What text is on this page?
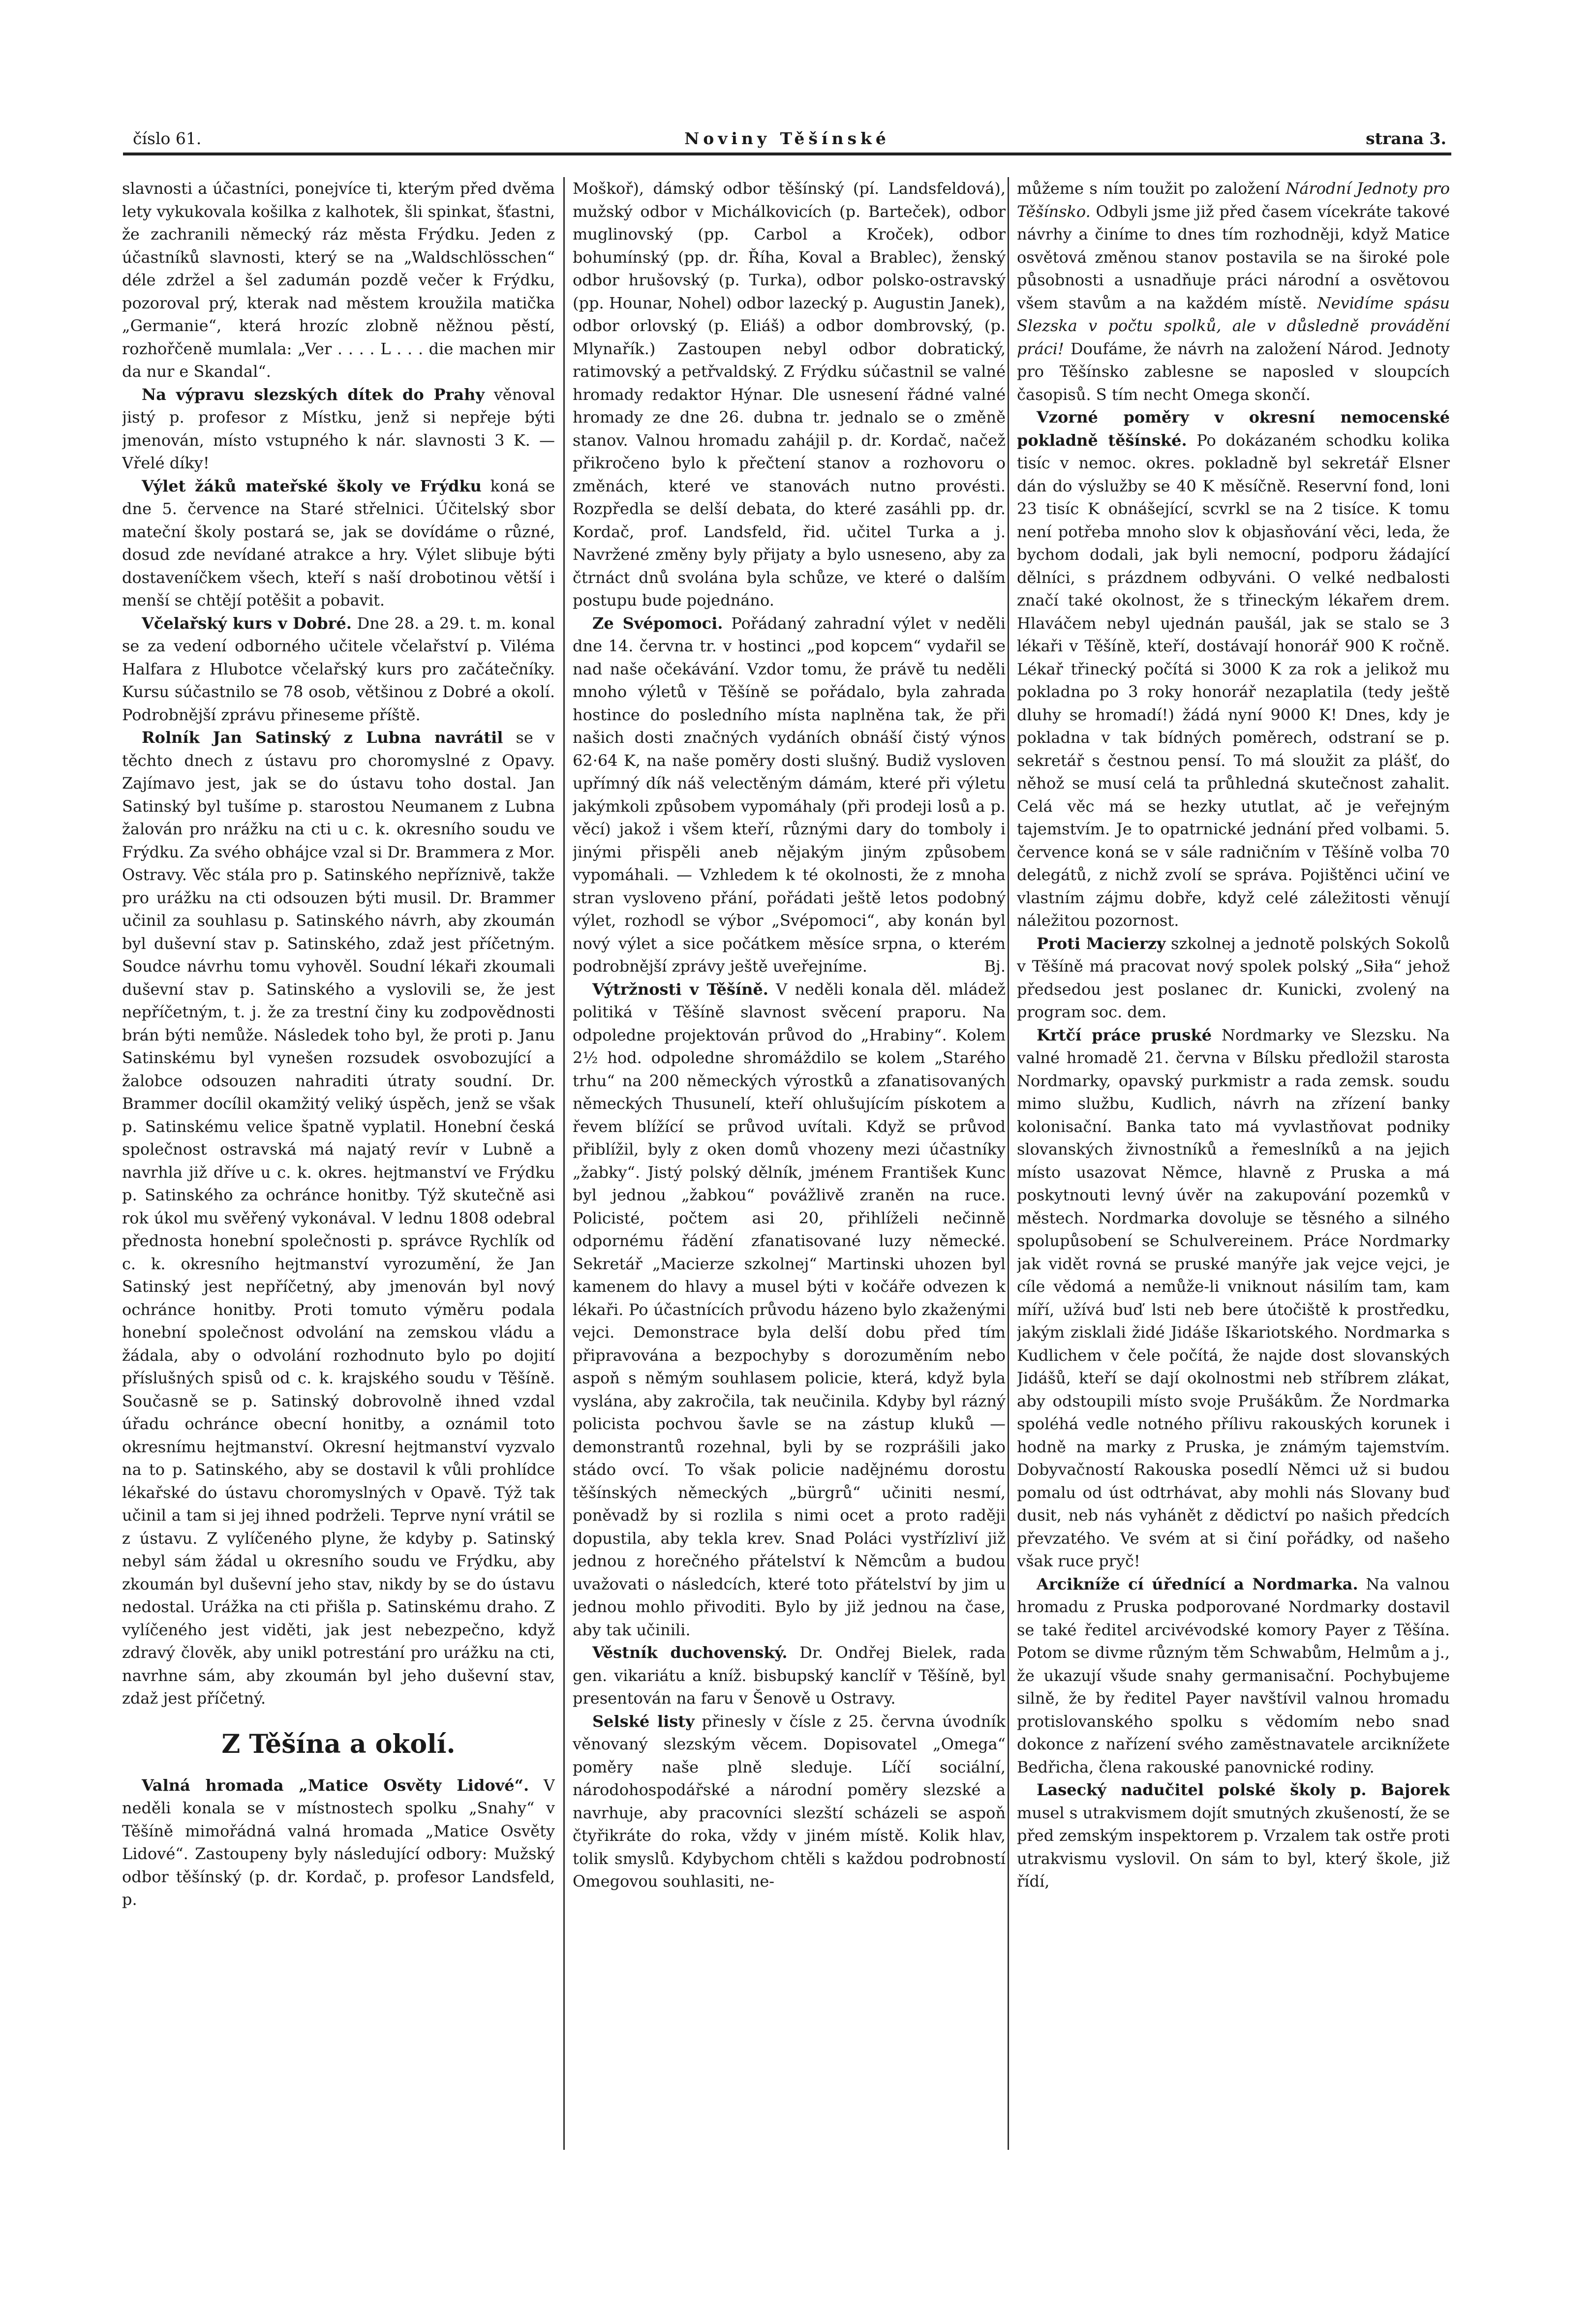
číslo 61.	Noviny Těšínské	strana 3.

slavnosti a účastníci, ponejvíce ti, kterým před dvěma lety vykukovala košilka z kalhotek, šli spinkat, šťastni, že zachranili německý ráz města Frýdku. Jeden z účastníků slavnosti, který se na „Waldschlösschen“ déle zdržel a šel zadumán pozdě večer k Frýdku, pozoroval prý, kterak nad městem kroužila matička „Germanie“, která hrozíc zlobně něžnou pěstí, rozhořčeně mumlala: „Ver . . . . L . . . die machen mir da nur e Skandal“.

Na výpravu slezských dítek do Prahy věnoval jistý p. profesor z Místku, jenž si nepřeje býti jmenován, místo vstupného k nár. slavnosti 3 K. — Vřelé díky!

Výlet žáků mateřské školy ve Frýdku koná se dne 5. července na Staré střelnici. Účitelský sbor mateční školy postará se, jak se dovídáme o různé, dosud zde nevídané atrakce a hry. Výlet slibuje býti dostaveníčkem všech, kteří s naší drobotinou větší i menší se chtějí potěšit a pobavit.

Včelařský kurs v Dobré. Dne 28. a 29. t. m. konal se za vedení odborného učitele včelařství p. Viléma Halfara z Hlubotce včelařský kurs pro začátečníky. Kursu súčastnilo se 78 osob, většinou z Dobré a okolí. Podrobnější zprávu přineseme příště.

Rolník Jan Satinský z Lubna navrátil se v těchto dnech z ústavu pro choromyslné z Opavy. Zajímavo jest, jak se do ústavu toho dostal. Jan Satinský byl tušíme p. starostou Neumanem z Lubna žalován pro nrážku na cti u c. k. okresního soudu ve Frýdku. Za svého obhájce vzal si Dr. Brammera z Mor. Ostravy. Věc stála pro p. Satinského nepříznivě, takže pro urážku na cti odsouzen býti musil. Dr. Brammer učinil za souhlasu p. Satinského návrh, aby zkoumán byl duševní stav p. Satinského, zdaž jest příčetným. Soudce návrhu tomu vyhověl. Soudní lékaři zkoumali duševní stav p. Satinského a vyslovili se, že jest nepříčetným, t. j. že za trestní činy ku zodpovědnosti brán býti nemůže. Následek toho byl, že proti p. Janu Satinskému byl vynešen rozsudek osvobozující a žalobce odsouzen nahraditi útraty soudní. Dr. Brammer docílil okamžitý veliký úspěch, jenž se však p. Satinskému velice špatně vyplatil. Honební česká společnost ostravská má najatý revír v Lubně a navrhla již dříve u c. k. okres. hejtmanství ve Frýdku p. Satinského za ochránce honitby. Týž skutečně asi rok úkol mu svěřený vykonával. V lednu 1808 odebral přednosta honební společnosti p. správce Rychlík od c. k. okresního hejtmanství vyrozumění, že Jan Satinský jest nepříčetný, aby jmenován byl nový ochránce honitby. Proti tomuto výměru podala honební společnost odvolání na zemskou vládu a žádala, aby o odvolání rozhodnuto bylo po dojití příslušných spisů od c. k. krajského soudu v Těšíně. Současně se p. Satinský dobrovolně ihned vzdal úřadu ochránce obecní honitby, a oznámil toto okresnímu hejtmanství. Okresní hejtmanství vyzvalo na to p. Satinského, aby se dostavil k vůli prohlídce lékařské do ústavu choromyslných v Opavě. Týž tak učinil a tam si jej ihned podrželi. Teprve nyní vrátil se z ústavu. Z vylíčeného plyne, že kdyby p. Satinský nebyl sám žádal u okresního soudu ve Frýdku, aby zkoumán byl duševní jeho stav, nikdy by se do ústavu nedostal. Urážka na cti přišla p. Satinskému draho. Z vylíčeného jest viděti, jak jest nebezpečno, když zdravý člověk, aby unikl potrestání pro urážku na cti, navrhne sám, aby zkoumán byl jeho duševní stav, zdaž jest příčetný.

Z Těšína a okolí.

Valná hromada „Matice Osvěty Lidové“. V neděli konala se v místnostech spolku „Snahy“ v Těšíně mimořádná valná hromada „Matice Osvěty Lidové“. Zastoupeny byly následující odbory: Mužský odbor těšínský (p. dr. Kordač, p. profesor Landsfeld, p.

Moškoř), dámský odbor těšínský (pí. Landsfeldová), mužský odbor v Michálkovicích (p. Barteček), odbor muglinovský (pp. Carbol a Kroček), odbor bohumínský (pp. dr. Říha, Koval a Brablec), ženský odbor hrušovský (p. Turka), odbor polsko-ostravský (pp. Hounar, Nohel) odbor lazecký p. Augustin Janek), odbor orlovský (p. Eliáš) a odbor dombrovský, (p. Mlynařík.) Zastoupen nebyl odbor dobratický, ratimovský a petřvaldský. Z Frýdku súčastnil se valné hromady redaktor Hýnar. Dle usnesení řádné valné hromady ze dne 26. dubna tr. jednalo se o změně stanov. Valnou hromadu zahájil p. dr. Kordač, načež přikročeno bylo k přečtení stanov a rozhovoru o změnách, které ve stanovách nutno provésti. Rozpředla se delší debata, do které zasáhli pp. dr. Kordač, prof. Landsfeld, řid. učitel Turka a j. Navržené změny byly přijaty a bylo usneseno, aby za čtrnáct dnů svolána byla schůze, ve které o dalším postupu bude pojednáno.

Ze Svépomoci. Pořádaný zahradní výlet v neděli dne 14. června tr. v hostinci „pod kopcem“ vydařil se nad naše očekávání. Vzdor tomu, že právě tu neděli mnoho výletů v Těšíně se pořádalo, byla zahrada hostince do posledního místa naplněna tak, že při našich dosti značných vydáních obnáší čistý výnos 62·64 K, na naše poměry dosti slušný. Budiž vysloven upřímný dík náš velectěným dámám, které při výletu jakýmkoli způsobem vypomáhaly (při prodeji losů a p. věcí) jakož i všem kteří, různými dary do tomboly i jinými přispěli aneb nějakým jiným způsobem vypomáhali. — Vzhledem k té okolnosti, že z mnoha stran vysloveno přání, pořádati ještě letos podobný výlet, rozhodl se výbor „Svépomoci“, aby konán byl nový výlet a sice počátkem měsíce srpna, o kterém podrobnější zprávy ještě uveřejníme.	Bj.

Výtržnosti v Těšíně. V neděli konala děl. mládež politiká v Těšíně slavnost svěcení praporu. Na odpoledne projektován průvod do „Hrabiny“. Kolem 2½ hod. odpoledne shromáždilo se kolem „Starého trhu“ na 200 německých výrostků a zfanatisovaných německých Thusunelí, kteří ohlušujícím pískotem a řevem blížící se průvod uvítali. Když se průvod přiblížil, byly z oken domů vhozeny mezi účastníky „žabky“. Jistý polský dělník, jménem František Kunc byl jednou „žabkou“ povážlivě zraněn na ruce. Policisté, počtem asi 20, přihlíželi nečinně odpornému řádění zfanatisované luzy německé. Sekretář „Macierze szkolnej“ Martinski uhozen byl kamenem do hlavy a musel býti v kočáře odvezen k lékaři. Po účastnících průvodu házeno bylo zkaženými vejci. Demonstrace byla delší dobu před tím připravována a bezpochyby s dorozuměním nebo aspoň s němým souhlasem policie, která, když byla vyslána, aby zakročila, tak neučinila. Kdyby byl rázný policista pochvou šavle se na zástup kluků — demonstrantů rozehnal, byli by se rozprášili jako stádo ovcí. To však policie nadějnému dorostu těšínských německých „bürgrů“ učiniti nesmí, poněvadž by si rozlila s nimi ocet a proto raději dopustila, aby tekla krev. Snad Poláci vystřízliví již jednou z horečného přátelství k Němcům a budou uvažovati o následcích, které toto přátelství by jim u jednou mohlo přivoditi. Bylo by již jednou na čase, aby tak učinili.

Věstník duchovenský. Dr. Ondřej Bielek, rada gen. vikariátu a kníž. bisbupský kanclíř v Těšíně, byl presentován na faru v Šenově u Ostravy.

Selské listy přinesly v čísle z 25. června úvodník věnovaný slezským věcem. Dopisovatel „Omega“ poměry naše plně sleduje. Líčí sociální, národohospodářské a národní poměry slezské a navrhuje, aby pracovníci slezští scházeli se aspoň čtyřikráte do roka, vždy v jiném místě. Kolik hlav, tolik smyslů. Kdybychom chtěli s každou podrobností Omegovou souhlasiti, ne-

můžeme s ním toužit po založení Národní Jednoty pro Těšínsko. Odbyli jsme již před časem vícekráte takové návrhy a činíme to dnes tím rozhodněji, když Matice osvětová změnou stanov postavila se na široké pole působnosti a usnadňuje práci národní a osvětovou všem stavům a na každém místě. Nevidíme spásu Slezska v počtu spolků, ale v důsledně provádění práci! Doufáme, že návrh na založení Národ. Jednoty pro Těšínsko zablesne se naposled v sloupcích časopisů. S tím necht Omega skončí.

Vzorné poměry v okresní nemocenské pokladně těšínské. Po dokázaném schodku kolika tisíc v nemoc. okres. pokladně byl sekretář Elsner dán do výslužby se 40 K měsíčně. Reservní fond, loni 23 tisíc K obnášející, scvrkl se na 2 tisíce. K tomu není potřeba mnoho slov k objasňování věci, leda, že bychom dodali, jak byli nemocní, podporu žádající dělníci, s prázdnem odbyváni. O velké nedbalosti značí také okolnost, že s třineckým lékařem drem. Hlaváčem nebyl ujednán paušál, jak se stalo se 3 lékaři v Těšíně, kteří, dostávají honorář 900 K ročně. Lékař třinecký počítá si 3000 K za rok a jelikož mu pokladna po 3 roky honorář nezaplatila (tedy ještě dluhy se hromadí!) žádá nyní 9000 K! Dnes, kdy je pokladna v tak bídných poměrech, odstraní se p. sekretář s čestnou pensí. To má sloužit za plášť, do něhož se musí celá ta průhledná skutečnost zahalit. Celá věc má se hezky ututlat, ač je veřejným tajemstvím. Je to opatrnické jednání před volbami. 5. července koná se v sále radničním v Těšíně volba 70 delegátů, z nichž zvolí se správa. Pojištěnci učiní ve vlastním zájmu dobře, když celé záležitosti věnují náležitou pozornost.

Proti Macierzy szkolnej a jednotě polských Sokolů v Těšíně má pracovat nový spolek polský „Siła“ jehož předsedou jest poslanec dr. Kunicki, zvolený na program soc. dem.

Krtčí práce pruské Nordmarky ve Slezsku. Na valné hromadě 21. června v Bílsku předložil starosta Nordmarky, opavský purkmistr a rada zemsk. soudu mimo službu, Kudlich, návrh na zřízení banky kolonisační. Banka tato má vyvlastňovat podniky slovanských živnostníků a řemeslníků a na jejich místo usazovat Němce, hlavně z Pruska a má poskytnouti levný úvěr na zakupování pozemků v městech. Nordmarka dovoluje se těsného a silného spolupůsobení se Schulvereinem. Práce Nordmarky jak vidět rovná se pruské manýře jak vejce vejci, je cíle vědomá a nemůže-li vniknout násilím tam, kam míří, užívá buď lsti neb bere útočiště k prostředku, jakým zisklali židé Jidáše Iškariotského. Nordmarka s Kudlichem v čele počítá, že najde dost slovanských Jidášů, kteří se dají okolnostmi neb stříbrem zlákat, aby odstoupili místo svoje Prušákům. Že Nordmarka spoléhá vedle notného přílivu rakouských korunek i hodně na marky z Pruska, je známým tajemstvím. Dobyvačností Rakouska posedlí Němci už si budou pomalu od úst odtrhávat, aby mohli nás Slovany buď dusit, neb nás vyhánět z dědictví po našich předcích převzatého. Ve svém at si činí pořádky, od našeho však ruce pryč!

Arcikníže cí úřednící a Nordmarka. Na valnou hromadu z Pruska podporované Nordmarky dostavil se také ředitel arcivévodské komory Payer z Těšína. Potom se divme různým těm Schwabům, Helmům a j., že ukazují všude snahy germanisační. Pochybujeme silně, že by ředitel Payer navštívil valnou hromadu protislovanského spolku s vědomím nebo snad dokonce z nařízení svého zaměstnavatele arciknížete Bedřicha, člena rakouské panovnické rodiny.

Lasecký nadučitel polské školy p. Bajorek musel s utrakvismem dojít smutných zkušeností, že se před zemským inspektorem p. Vrzalem tak ostře proti utrakvismu vyslovil. On sám to byl, který škole, již řídí,
